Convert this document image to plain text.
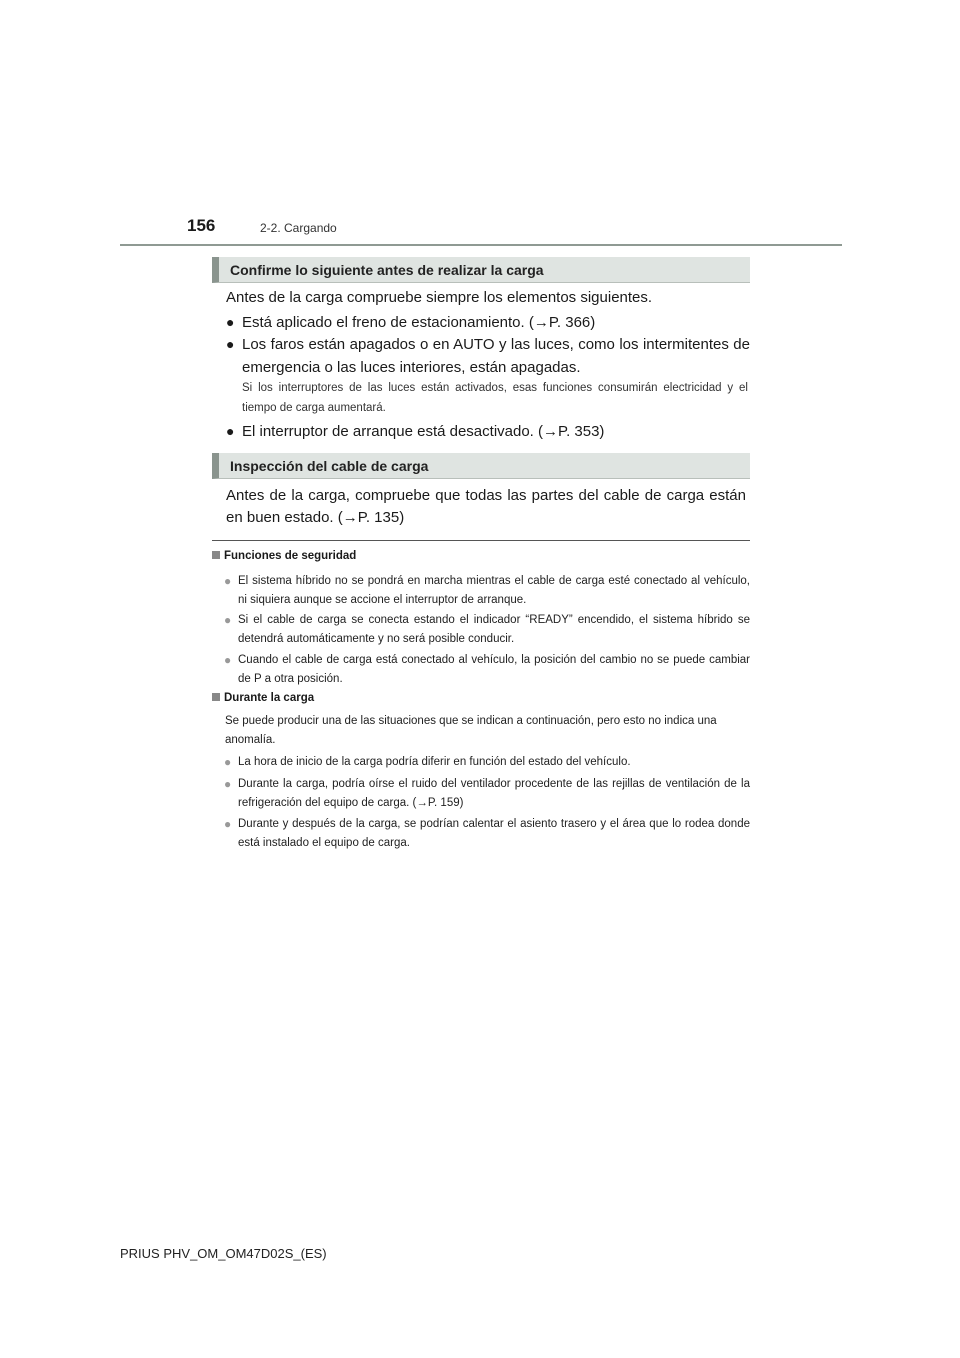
156	2-2. Cargando
Confirme lo siguiente antes de realizar la carga
Antes de la carga compruebe siempre los elementos siguientes.
● Está aplicado el freno de estacionamiento. (→P. 366)
● Los faros están apagados o en AUTO y las luces, como los intermitentes de emergencia o las luces interiores, están apagadas.
Si los interruptores de las luces están activados, esas funciones consumirán electricidad y el tiempo de carga aumentará.
● El interruptor de arranque está desactivado. (→P. 353)
Inspección del cable de carga
Antes de la carga, compruebe que todas las partes del cable de carga están en buen estado. (→P. 135)
Funciones de seguridad
● El sistema híbrido no se pondrá en marcha mientras el cable de carga esté conectado al vehículo, ni siquiera aunque se accione el interruptor de arranque.
● Si el cable de carga se conecta estando el indicador “READY” encendido, el sistema híbrido se detendrá automáticamente y no será posible conducir.
● Cuando el cable de carga está conectado al vehículo, la posición del cambio no se puede cambiar de P a otra posición.
Durante la carga
Se puede producir una de las situaciones que se indican a continuación, pero esto no indica una anomalía.
● La hora de inicio de la carga podría diferir en función del estado del vehículo.
● Durante la carga, podría oírse el ruido del ventilador procedente de las rejillas de ventilación de la refrigeración del equipo de carga. (→P. 159)
● Durante y después de la carga, se podrían calentar el asiento trasero y el área que lo rodea donde está instalado el equipo de carga.
PRIUS PHV_OM_OM47D02S_(ES)
